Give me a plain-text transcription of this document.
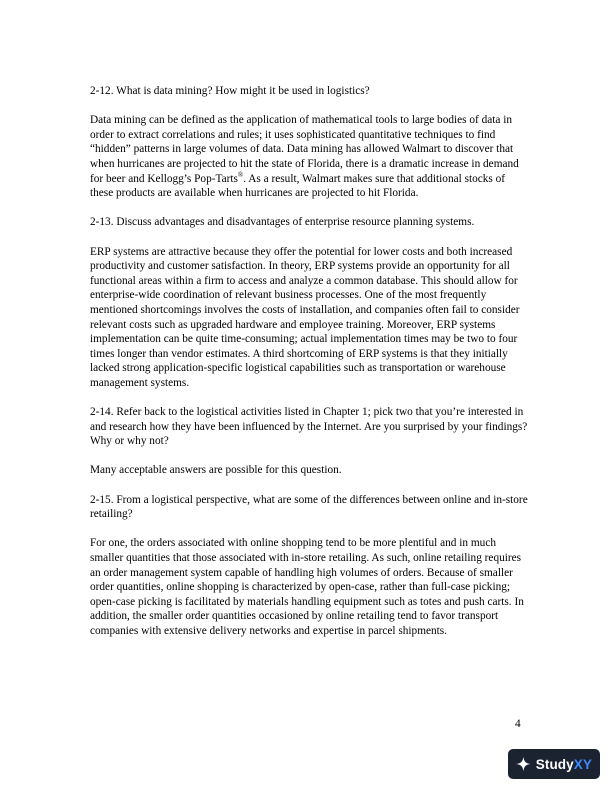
2-12. What is data mining? How might it be used in logistics?

Data mining can be defined as the application of mathematical tools to large bodies of data in order to extract correlations and rules; it uses sophisticated quantitative techniques to find “hidden” patterns in large volumes of data. Data mining has allowed Walmart to discover that when hurricanes are projected to hit the state of Florida, there is a dramatic increase in demand for beer and Kellogg’s Pop-Tarts®. As a result, Walmart makes sure that additional stocks of these products are available when hurricanes are projected to hit Florida.

2-13. Discuss advantages and disadvantages of enterprise resource planning systems.

ERP systems are attractive because they offer the potential for lower costs and both increased productivity and customer satisfaction. In theory, ERP systems provide an opportunity for all functional areas within a firm to access and analyze a common database. This should allow for enterprise-wide coordination of relevant business processes. One of the most frequently mentioned shortcomings involves the costs of installation, and companies often fail to consider relevant costs such as upgraded hardware and employee training. Moreover, ERP systems implementation can be quite time-consuming; actual implementation times may be two to four times longer than vendor estimates. A third shortcoming of ERP systems is that they initially lacked strong application-specific logistical capabilities such as transportation or warehouse management systems.

2-14. Refer back to the logistical activities listed in Chapter 1; pick two that you’re interested in and research how they have been influenced by the Internet. Are you surprised by your findings? Why or why not?

Many acceptable answers are possible for this question.

2-15. From a logistical perspective, what are some of the differences between online and in-store retailing?

For one, the orders associated with online shopping tend to be more plentiful and in much smaller quantities that those associated with in-store retailing. As such, online retailing requires an order management system capable of handling high volumes of orders. Because of smaller order quantities, online shopping is characterized by open-case, rather than full-case picking; open-case picking is facilitated by materials handling equipment such as totes and push carts. In addition, the smaller order quantities occasioned by online retailing tend to favor transport companies with extensive delivery networks and expertise in parcel shipments.

4
StudyXY
